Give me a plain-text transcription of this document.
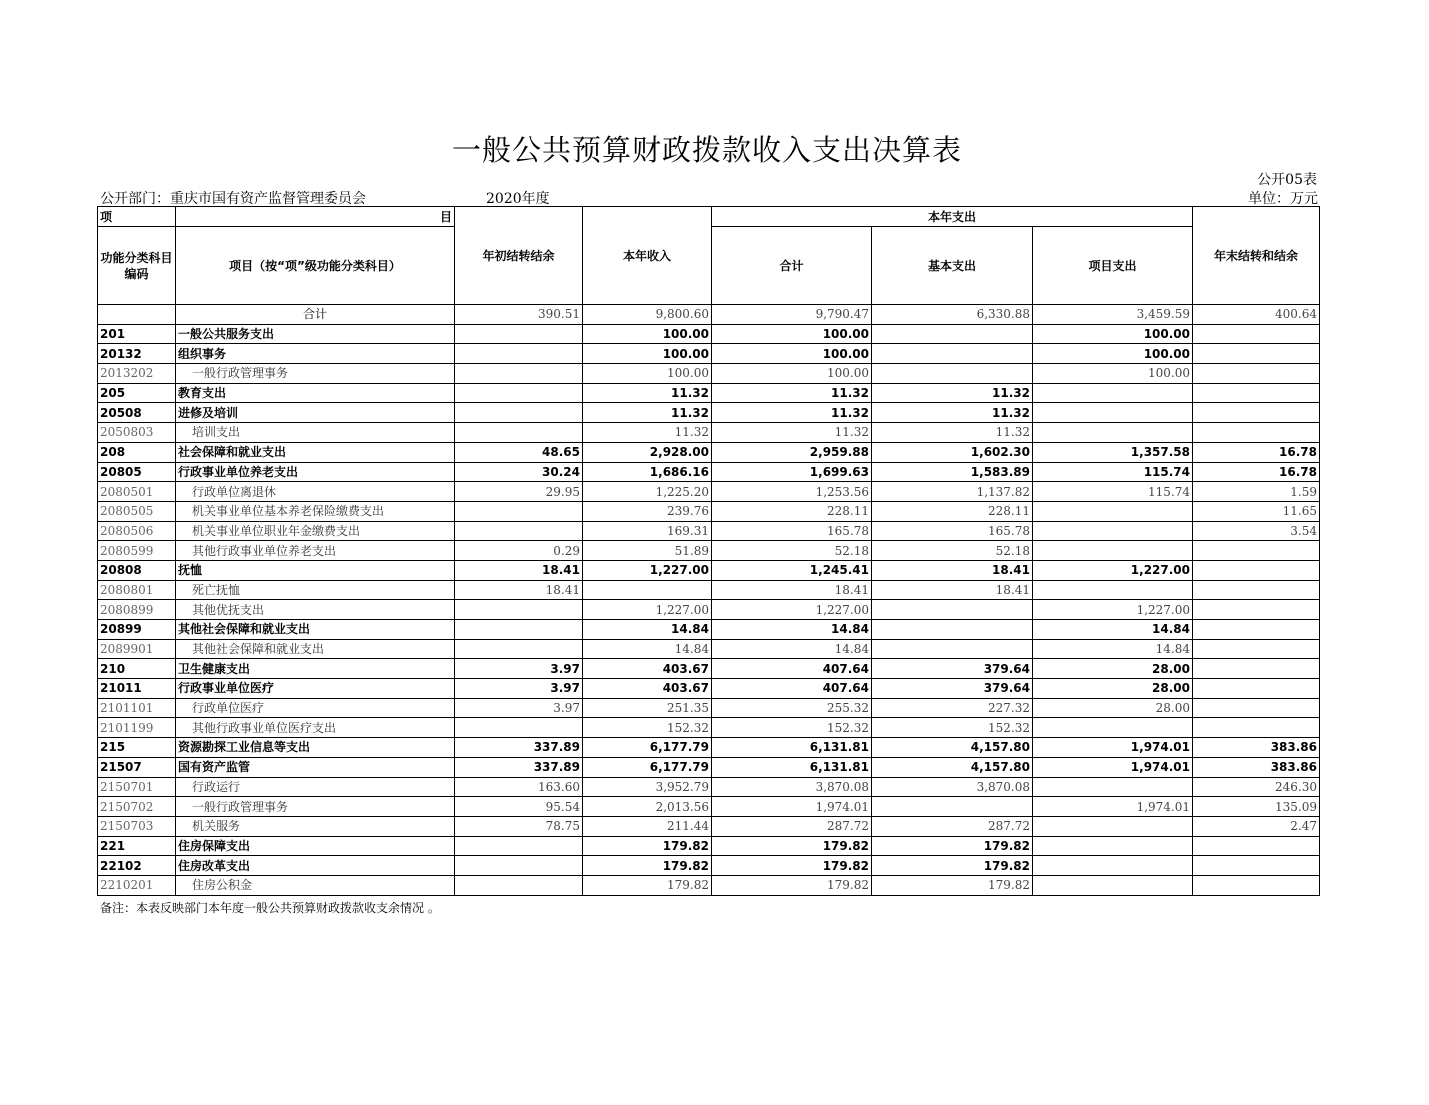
一般公共预算财政拨款收入支出决算表
公开05表
公开部门：重庆市国有资产监督管理委员会	2020年度	单位：万元
项	目	年初结转结余	本年收入	本年支出			年末结转和结余
功能分类科目编码	项目（按“项”级功能分类科目）			合计	基本支出	项目支出	
	合计	390.51	9,800.60	9,790.47	6,330.88	3,459.59	400.64
201	一般公共服务支出		100.00	100.00		100.00	
20132	组织事务		100.00	100.00		100.00	
2013202	一般行政管理事务		100.00	100.00		100.00	
205	教育支出		11.32	11.32	11.32		
20508	进修及培训		11.32	11.32	11.32		
2050803	培训支出		11.32	11.32	11.32		
208	社会保障和就业支出	48.65	2,928.00	2,959.88	1,602.30	1,357.58	16.78
20805	行政事业单位养老支出	30.24	1,686.16	1,699.63	1,583.89	115.74	16.78
2080501	行政单位离退休	29.95	1,225.20	1,253.56	1,137.82	115.74	1.59
2080505	机关事业单位基本养老保险缴费支出		239.76	228.11	228.11		11.65
2080506	机关事业单位职业年金缴费支出		169.31	165.78	165.78		3.54
2080599	其他行政事业单位养老支出	0.29	51.89	52.18	52.18		
20808	抚恤	18.41	1,227.00	1,245.41	18.41	1,227.00	
2080801	死亡抚恤	18.41		18.41	18.41		
2080899	其他优抚支出		1,227.00	1,227.00		1,227.00	
20899	其他社会保障和就业支出		14.84	14.84		14.84	
2089901	其他社会保障和就业支出		14.84	14.84		14.84	
210	卫生健康支出	3.97	403.67	407.64	379.64	28.00	
21011	行政事业单位医疗	3.97	403.67	407.64	379.64	28.00	
2101101	行政单位医疗	3.97	251.35	255.32	227.32	28.00	
2101199	其他行政事业单位医疗支出		152.32	152.32	152.32		
215	资源勘探工业信息等支出	337.89	6,177.79	6,131.81	4,157.80	1,974.01	383.86
21507	国有资产监管	337.89	6,177.79	6,131.81	4,157.80	1,974.01	383.86
2150701	行政运行	163.60	3,952.79	3,870.08	3,870.08		246.30
2150702	一般行政管理事务	95.54	2,013.56	1,974.01		1,974.01	135.09
2150703	机关服务	78.75	211.44	287.72	287.72		2.47
221	住房保障支出		179.82	179.82	179.82		
22102	住房改革支出		179.82	179.82	179.82		
2210201	住房公积金		179.82	179.82	179.82		
备注：本表反映部门本年度一般公共预算财政拨款收支余情况 。
